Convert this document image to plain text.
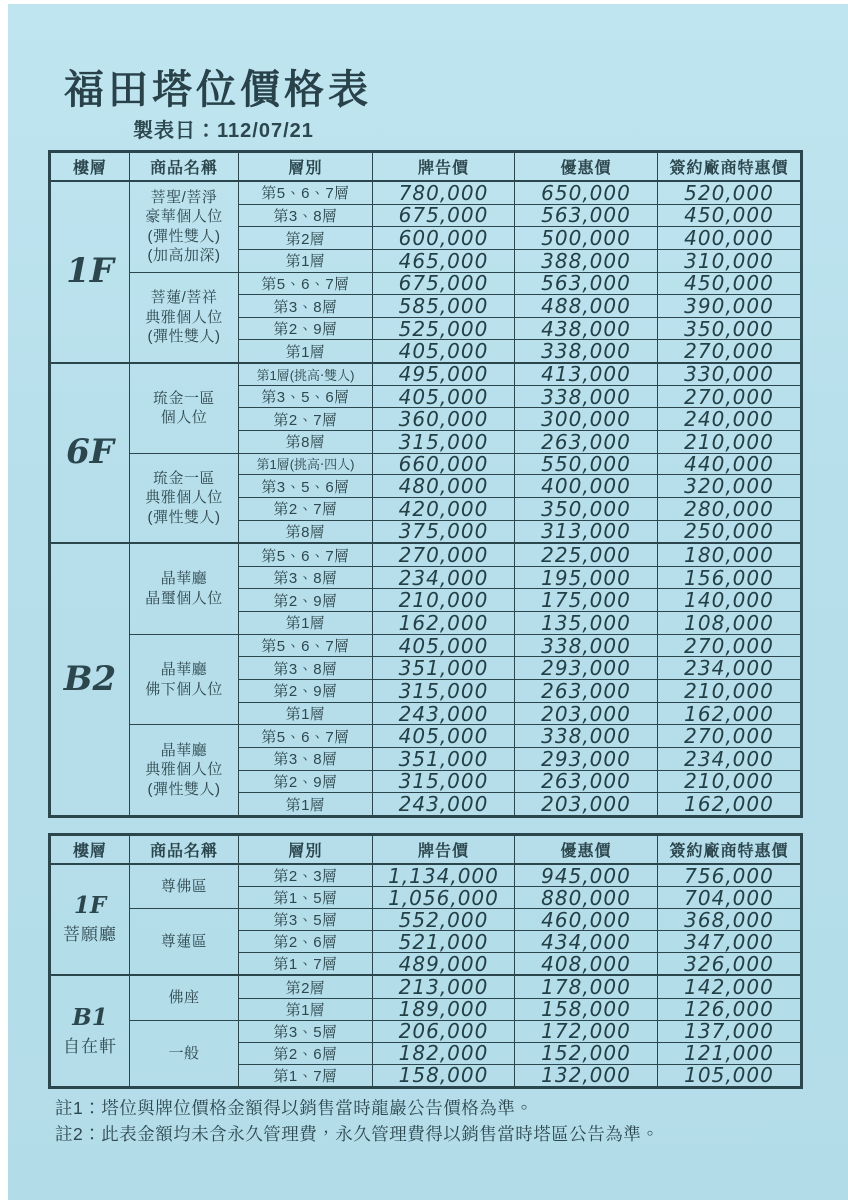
福田塔位價格表
製表日：112/07/21
樓層	商品名稱	層別	牌告價	優惠價	簽約廠商特惠價

1F	菩聖/菩淨
豪華個人位
(彈性雙人)
(加高加深)	第5、6、7層	780,000	650,000	520,000
		第3、8層	675,000	563,000	450,000
		第2層	600,000	500,000	400,000
		第1層	465,000	388,000	310,000

	菩蓮/菩祥
典雅個人位
(彈性雙人)	第5、6、7層	675,000	563,000	450,000
		第3、8層	585,000	488,000	390,000
		第2、9層	525,000	438,000	350,000
		第1層	405,000	338,000	270,000

6F	琉金一區
個人位	第1層(挑高‧雙人)	495,000	413,000	330,000
		第3、5、6層	405,000	338,000	270,000
		第2、7層	360,000	300,000	240,000
		第8層	315,000	263,000	210,000

	琉金一區
典雅個人位
(彈性雙人)	第1層(挑高‧四人)	660,000	550,000	440,000
		第3、5、6層	480,000	400,000	320,000
		第2、7層	420,000	350,000	280,000
		第8層	375,000	313,000	250,000

B2	晶華廳
晶璽個人位	第5、6、7層	270,000	225,000	180,000
		第3、8層	234,000	195,000	156,000
		第2、9層	210,000	175,000	140,000
		第1層	162,000	135,000	108,000

	晶華廳
佛下個人位	第5、6、7層	405,000	338,000	270,000
		第3、8層	351,000	293,000	234,000
		第2、9層	315,000	263,000	210,000
		第1層	243,000	203,000	162,000

	晶華廳
典雅個人位
(彈性雙人)	第5、6、7層	405,000	338,000	270,000
		第3、8層	351,000	293,000	234,000
		第2、9層	315,000	263,000	210,000
		第1層	243,000	203,000	162,000
樓層	商品名稱	層別	牌告價	優惠價	簽約廠商特惠價

1F
菩願廳	尊佛區	第2、3層	1,134,000	945,000	756,000
		第1、5層	1,056,000	880,000	704,000

	尊蓮區	第3、5層	552,000	460,000	368,000
		第2、6層	521,000	434,000	347,000
		第1、7層	489,000	408,000	326,000

B1
自在軒	佛座	第2層	213,000	178,000	142,000
		第1層	189,000	158,000	126,000

	一般	第3、5層	206,000	172,000	137,000
		第2、6層	182,000	152,000	121,000
		第1、7層	158,000	132,000	105,000
註1：塔位與牌位價格金額得以銷售當時龍巖公告價格為準。
註2：此表金額均未含永久管理費，永久管理費得以銷售當時塔區公告為準。
